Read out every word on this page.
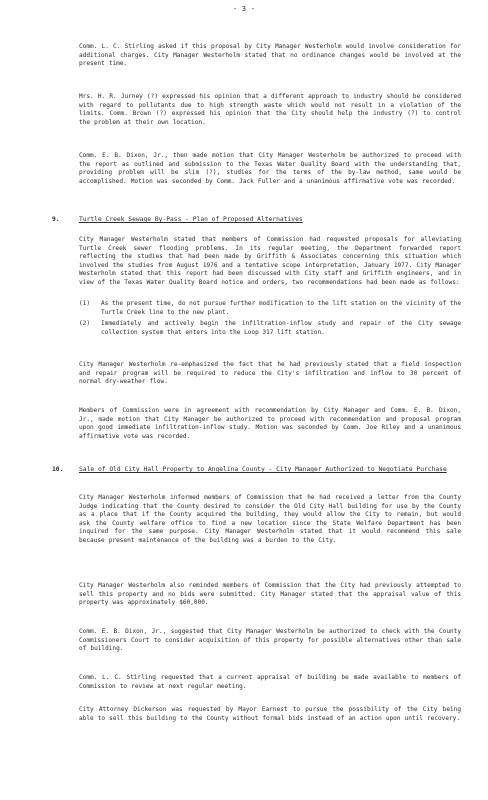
- 3 -
Comm. L. C. Stirling asked if this proposal by City Manager Westerholm would involve consideration for additional charges. City Manager Westerholm stated that no ordinance changes would be involved at the present time.
Mrs. H. R. Jurney (?) expressed his opinion that a different approach to industry should be considered with regard to pollutants due to high strength waste which would not result in a violation of the limits. Comm. Brown (?) expressed his opinion that the City should help the industry (?) to control the problem at their own location.
Comm. E. B. Dixon, Jr., then made motion that City Manager Westerholm be authorized to proceed with the report as outlined and submission to the Texas Water Quality Board with the understanding that, providing problem will be slim (?), studies for the terms of the by-law method, same would be accomplished. Motion was seconded by Comm. Jack Fuller and a unanimous affirmative vote was recorded.
9.	Turtle Creek Sewage By-Pass - Plan of Proposed Alternatives
City Manager Westerholm stated that members of Commission had requested proposals for alleviating Turtle Creek sewer flooding problems. In its regular meeting, the Department forwarded report reflecting the studies that had been made by Griffith & Associates concerning this situation which involved the studies from August 1976 and a tentative scope interpretation, January 1977. City Manager Westerholm stated that this report had been discussed with City staff and Griffith engineers, and in view of the Texas Water Quality Board notice and orders, two recommendations had been made as follows:
(1) As the present time, do not pursue further modification to the lift station on the vicinity of the Turtle Creek line to the new plant.
(2) Immediately and actively begin the infiltration-inflow study and repair of the City sewage collection system that enters into the Loop 317 lift station.
City Manager Westerholm re-emphasized the fact that he had previously stated that a field inspection and repair program will be required to reduce the City's infiltration and inflow to 30 percent of normal dry-weather flow.
Members of Commission were in agreement with recommendation by City Manager and Comm. E. B. Dixon, Jr., made motion that City Manager be authorized to proceed with recommendation and proposal program upon good immediate infiltration-inflow study. Motion was seconded by Comm. Joe Riley and a unanimous affirmative vote was recorded.
10. Sale of Old City Hall Property to Angelina County - City Manager Authorized to Negotiate Purchase
City Manager Westerholm informed members of Commission that he had received a letter from the County Judge indicating that the County desired to consider the Old City Hall building for use by the County as a place that if the County acquired the building, they would allow the City to remain, but would ask the County welfare office to find a new location since the State Welfare Department has been inquired for the same purpose. City Manager Westerholm stated that it would recommend this sale because present maintenance of the building was a burden to the City.
City Manager Westerholm also reminded members of Commission that the City had previously attempted to sell this property and no bids were submitted. City Manager stated that the appraisal value of this property was approximately $60,000.
Comm. E. B. Dixon, Jr., suggested that City Manager Westerholm be authorized to check with the County Commissioners Court to consider acquisition of this property for possible alternatives other than sale of building.
Comm. L. C. Stirling requested that a current appraisal of building be made available to members of Commission to review at next regular meeting.
City Attorney Dickerson was requested by Mayor Earnest to pursue the possibility of the City being able to sell this building to the County without formal bids instead of an action upon until recovery.
